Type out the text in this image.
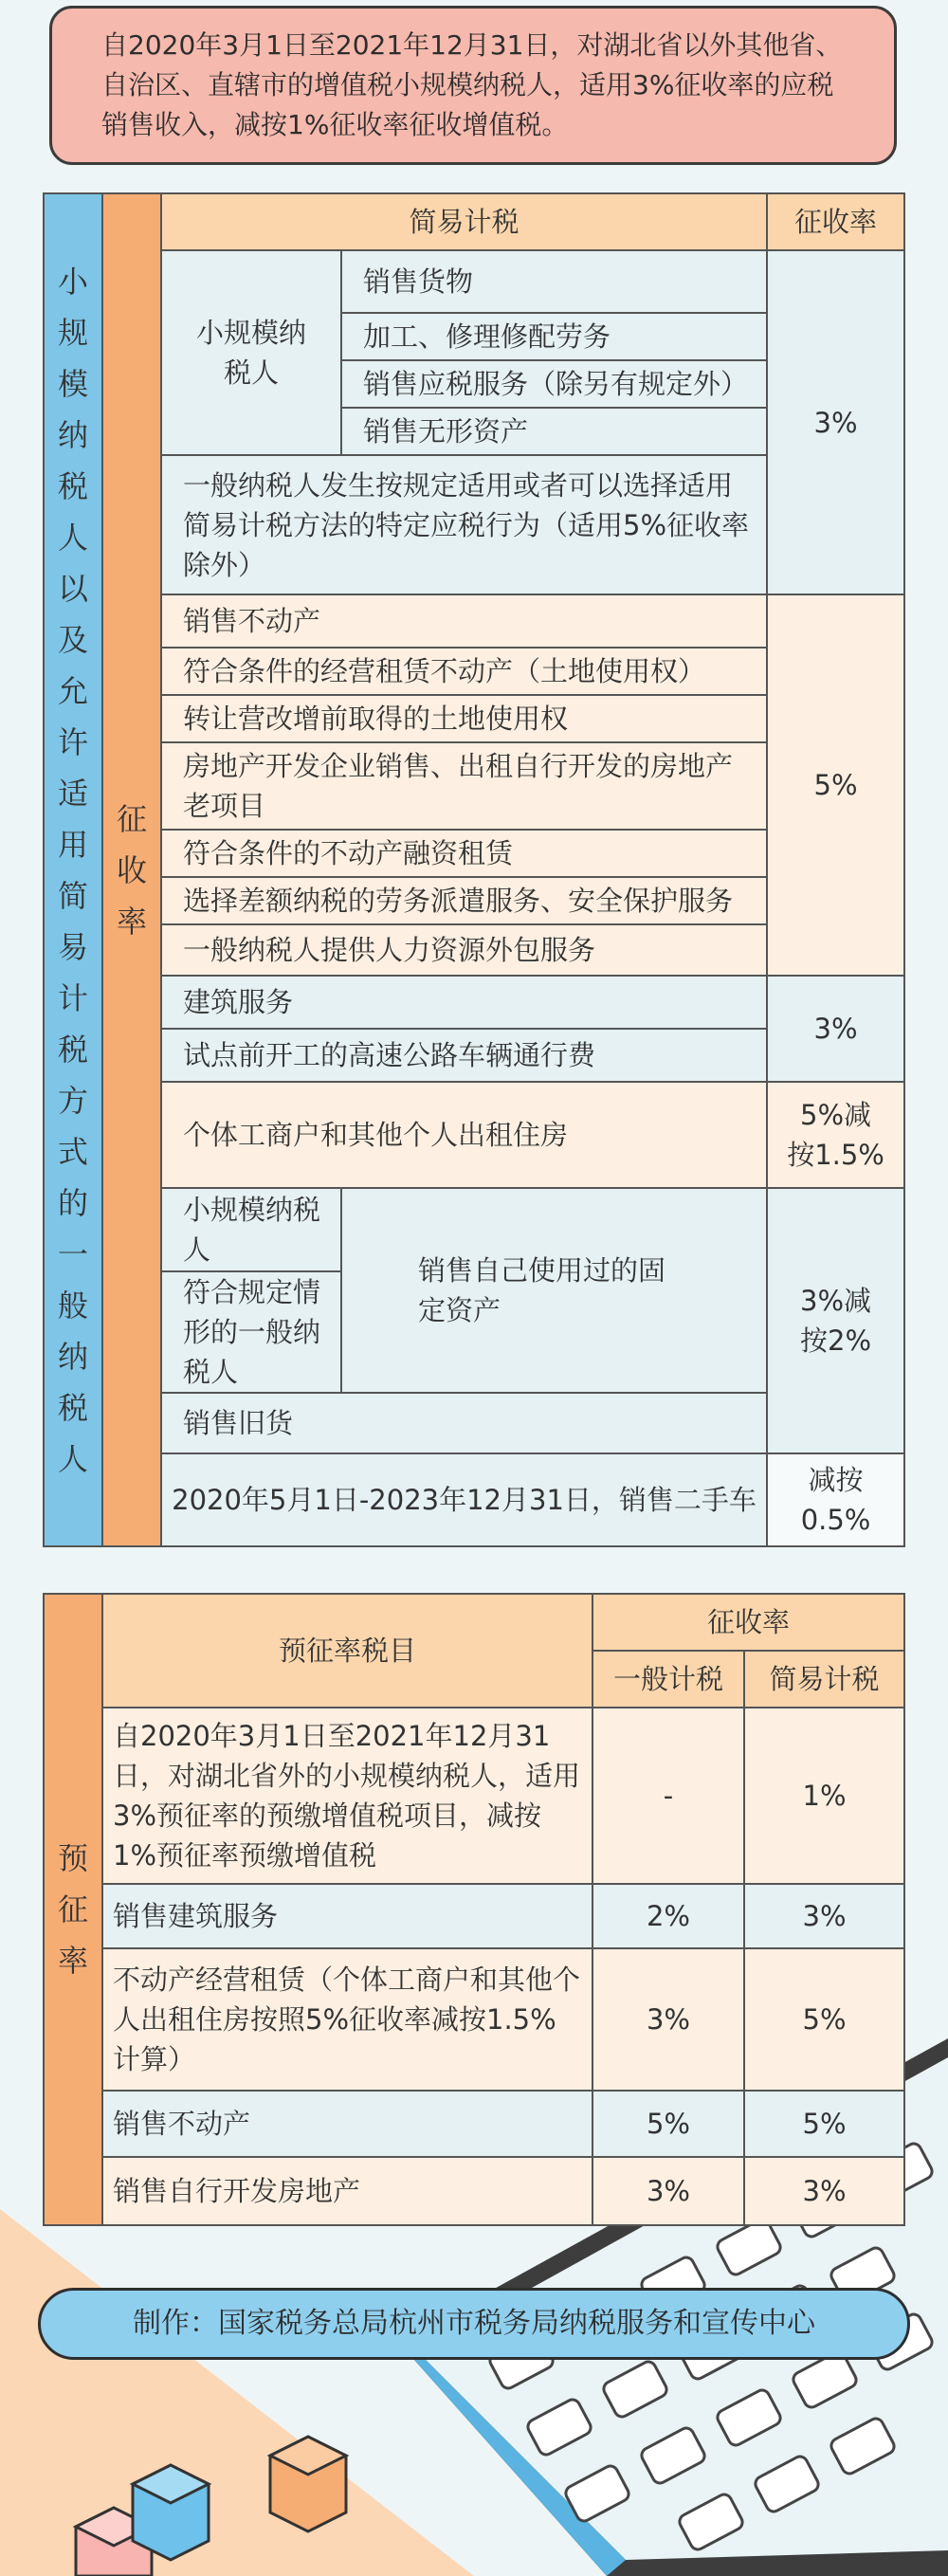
自2020年3月1日至2021年12月31日，对湖北省以外其他省、自治区、直辖市的增值税小规模纳税人，适用3%征收率的应税销售收入，减按1%征收率征收增值税。
小规模纳税人以及允许适用简易计税方式的一般纳税人	征收率	简易计税		征收率
		小规模纳税人	销售货物	3%
			加工、修理修配劳务	
			销售应税服务（除另有规定外）	
			销售无形资产	
		一般纳税人发生按规定适用或者可以选择适用简易计税方法的特定应税行为（适用5%征收率除外）		
		销售不动产		5%
		符合条件的经营租赁不动产（土地使用权）		
		转让营改增前取得的土地使用权		
		房地产开发企业销售、出租自行开发的房地产老项目		
		符合条件的不动产融资租赁		
		选择差额纳税的劳务派遣服务、安全保护服务		
		一般纳税人提供人力资源外包服务		
		建筑服务		3%
		试点前开工的高速公路车辆通行费		
		个体工商户和其他个人出租住房		5%减按1.5%
		小规模纳税人	销售自己使用过的固定资产	3%减按2%
		符合规定情形的一般纳税人		
		销售旧货		
		2020年5月1日-2023年12月31日，销售二手车		减按0.5%
预征率	预征率税目	征收率	
		一般计税	简易计税
	自2020年3月1日至2021年12月31日，对湖北省外的小规模纳税人，适用3%预征率的预缴增值税项目，减按1%预征率预缴增值税	-	1%
	销售建筑服务	2%	3%
	不动产经营租赁（个体工商户和其他个人出租住房按照5%征收率减按1.5%计算）	3%	5%
	销售不动产	5%	5%
	销售自行开发房地产	3%	3%
制作：国家税务总局杭州市税务局纳税服务和宣传中心
